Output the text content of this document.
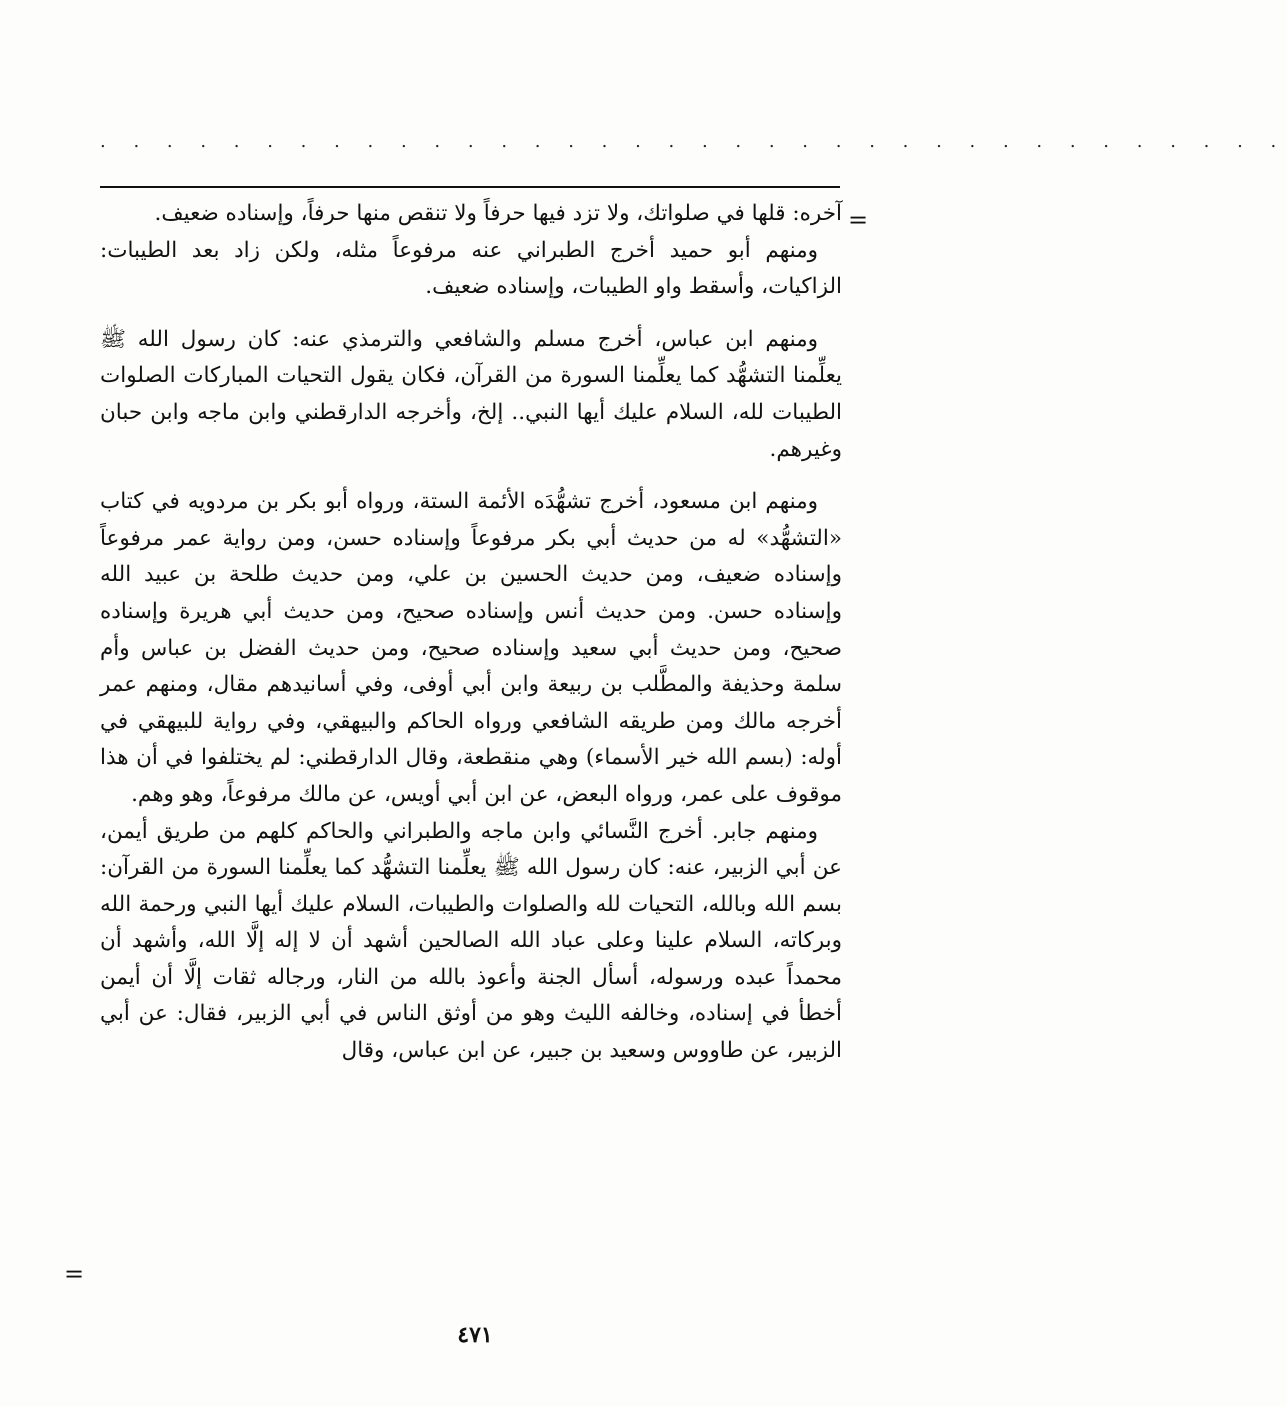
. . . . . . . . . . . . . . . . . . . . . . . . . . . . . . . . . . . .
=

آخره: قلها في صلواتك، ولا تزد فيها حرفاً ولا تنقص منها حرفاً، وإسناده ضعيف.

ومنهم أبو حميد أخرج الطبراني عنه مرفوعاً مثله، ولكن زاد بعد الطيبات: الزاكيات، وأسقط واو الطيبات، وإسناده ضعيف.

ومنهم ابن عباس، أخرج مسلم والشافعي والترمذي عنه: كان رسول الله ﷺ يعلِّمنا التشهُّد كما يعلِّمنا السورة من القرآن، فكان يقول التحيات المباركات الصلوات الطيبات لله، السلام عليك أيها النبي.. إلخ، وأخرجه الدارقطني وابن ماجه وابن حبان وغيرهم.

ومنهم ابن مسعود، أخرج تشهُّدَه الأئمة الستة، ورواه أبو بكر بن مردويه في كتاب «التشهُّد» له من حديث أبي بكر مرفوعاً وإسناده حسن، ومن رواية عمر مرفوعاً وإسناده ضعيف، ومن حديث الحسين بن علي، ومن حديث طلحة بن عبيد الله وإسناده حسن. ومن حديث أنس وإسناده صحيح، ومن حديث أبي هريرة وإسناده صحيح، ومن حديث أبي سعيد وإسناده صحيح، ومن حديث الفضل بن عباس وأم سلمة وحذيفة والمطَّلب بن ربيعة وابن أبي أوفى، وفي أسانيدهم مقال، ومنهم عمر أخرجه مالك ومن طريقه الشافعي ورواه الحاكم والبيهقي، وفي رواية للبيهقي في أوله: (بسم الله خير الأسماء) وهي منقطعة، وقال الدارقطني: لم يختلفوا في أن هذا موقوف على عمر، ورواه البعض، عن ابن أبي أويس، عن مالك مرفوعاً، وهو وهم.

ومنهم جابر. أخرج النَّسائي وابن ماجه والطبراني والحاكم كلهم من طريق أيمن، عن أبي الزبير، عنه: كان رسول الله ﷺ يعلِّمنا التشهُّد كما يعلِّمنا السورة من القرآن: بسم الله وبالله، التحيات لله والصلوات والطيبات، السلام عليك أيها النبي ورحمة الله وبركاته، السلام علينا وعلى عباد الله الصالحين أشهد أن لا إله إلَّا الله، وأشهد أن محمداً عبده ورسوله، أسأل الجنة وأعوذ بالله من النار، ورجاله ثقات إلَّا أن أيمن أخطأ في إسناده، وخالفه الليث وهو من أوثق الناس في أبي الزبير، فقال: عن أبي الزبير، عن طاووس وسعيد بن جبير، عن ابن عباس، وقال

=
٤٧١
